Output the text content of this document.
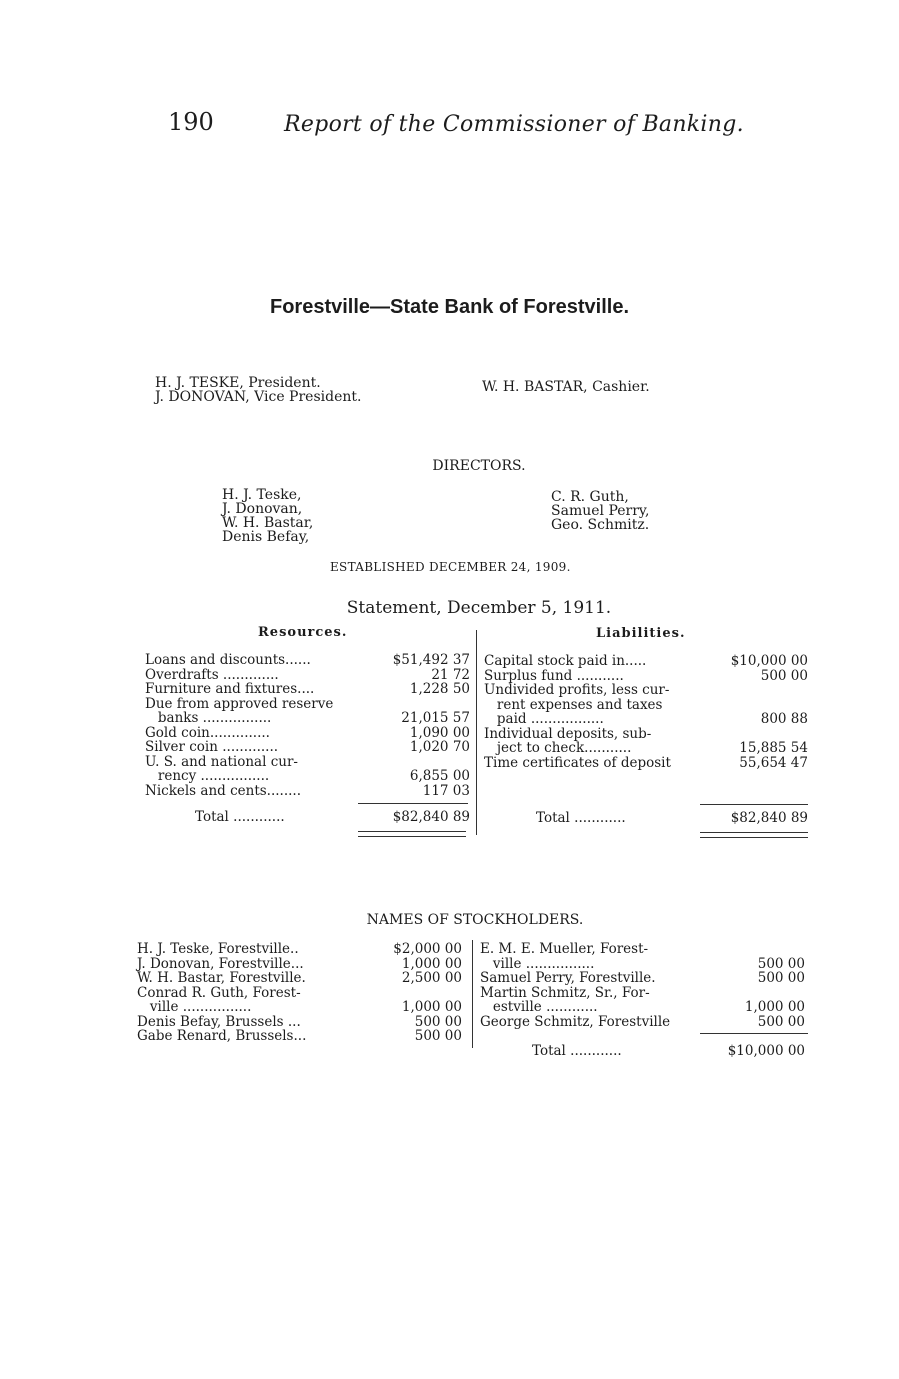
190	Report of the Commissioner of Banking.
Forestville—State Bank of Forestville.
H. J. TESKE, President.
J. DONOVAN, Vice President.
W. H. BASTAR, Cashier.
DIRECTORS.
H. J. Teske,
J. Donovan,
W. H. Bastar,
Denis Befay,
C. R. Guth,
Samuel Perry,
Geo. Schmitz.
ESTABLISHED DECEMBER 24, 1909.
Statement, December 5, 1911.
Resources.	Liabilities.
Loans and discounts......	$51,492 37
Overdrafts .............	21 72
Furniture and fixtures....	1,228 50
Due from approved reserve
banks ................	21,015 57
Gold coin..............	1,090 00
Silver coin .............	1,020 70
U. S. and national cur-
rency ................	6,855 00
Nickels and cents........	117 03
Total ............	$82,840 89
Capital stock paid in.....	$10,000 00
Surplus fund ...........	500 00
Undivided profits, less cur-
rent expenses and taxes
paid .................	800 88
Individual deposits, sub-
ject to check...........	15,885 54
Time certificates of deposit	55,654 47
Total ............	$82,840 89
NAMES OF STOCKHOLDERS.
H. J. Teske, Forestville..	$2,000 00
J. Donovan, Forestville...	1,000 00
W. H. Bastar, Forestville.	2,500 00
Conrad R. Guth, Forest-
ville ................	1,000 00
Denis Befay, Brussels ...	500 00
Gabe Renard, Brussels...	500 00
E. M. E. Mueller, Forest-
ville ................	500 00
Samuel Perry, Forestville.	500 00
Martin Schmitz, Sr., For-
estville ............	1,000 00
George Schmitz, Forestville	500 00
Total ............	$10,000 00
